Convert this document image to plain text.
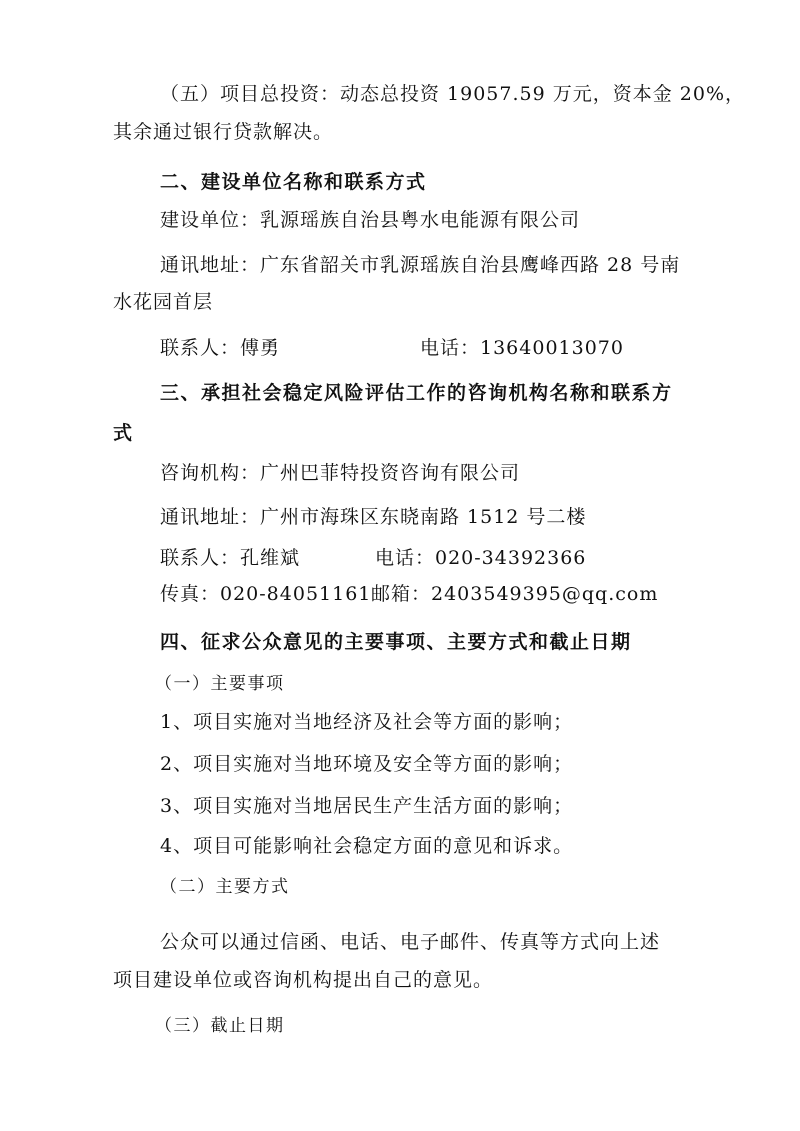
（五）项目总投资：动态总投资 19057.59 万元，资本金 20%，
其余通过银行贷款解决。
二、建设单位名称和联系方式
建设单位：乳源瑶族自治县粤水电能源有限公司
通讯地址：广东省韶关市乳源瑶族自治县鹰峰西路 28 号南
水花园首层
联系人：傅勇	电话：13640013070
三、承担社会稳定风险评估工作的咨询机构名称和联系方
式
咨询机构：广州巴菲特投资咨询有限公司
通讯地址：广州市海珠区东晓南路 1512 号二楼
联系人：孔维斌	电话：020-34392366
传真：020-84051161 邮箱：2403549395@qq.com
四、征求公众意见的主要事项、主要方式和截止日期
（一）主要事项
1、项目实施对当地经济及社会等方面的影响；
2、项目实施对当地环境及安全等方面的影响；
3、项目实施对当地居民生产生活方面的影响；
4、项目可能影响社会稳定方面的意见和诉求。
（二）主要方式
公众可以通过信函、电话、电子邮件、传真等方式向上述
项目建设单位或咨询机构提出自己的意见。
（三）截止日期
